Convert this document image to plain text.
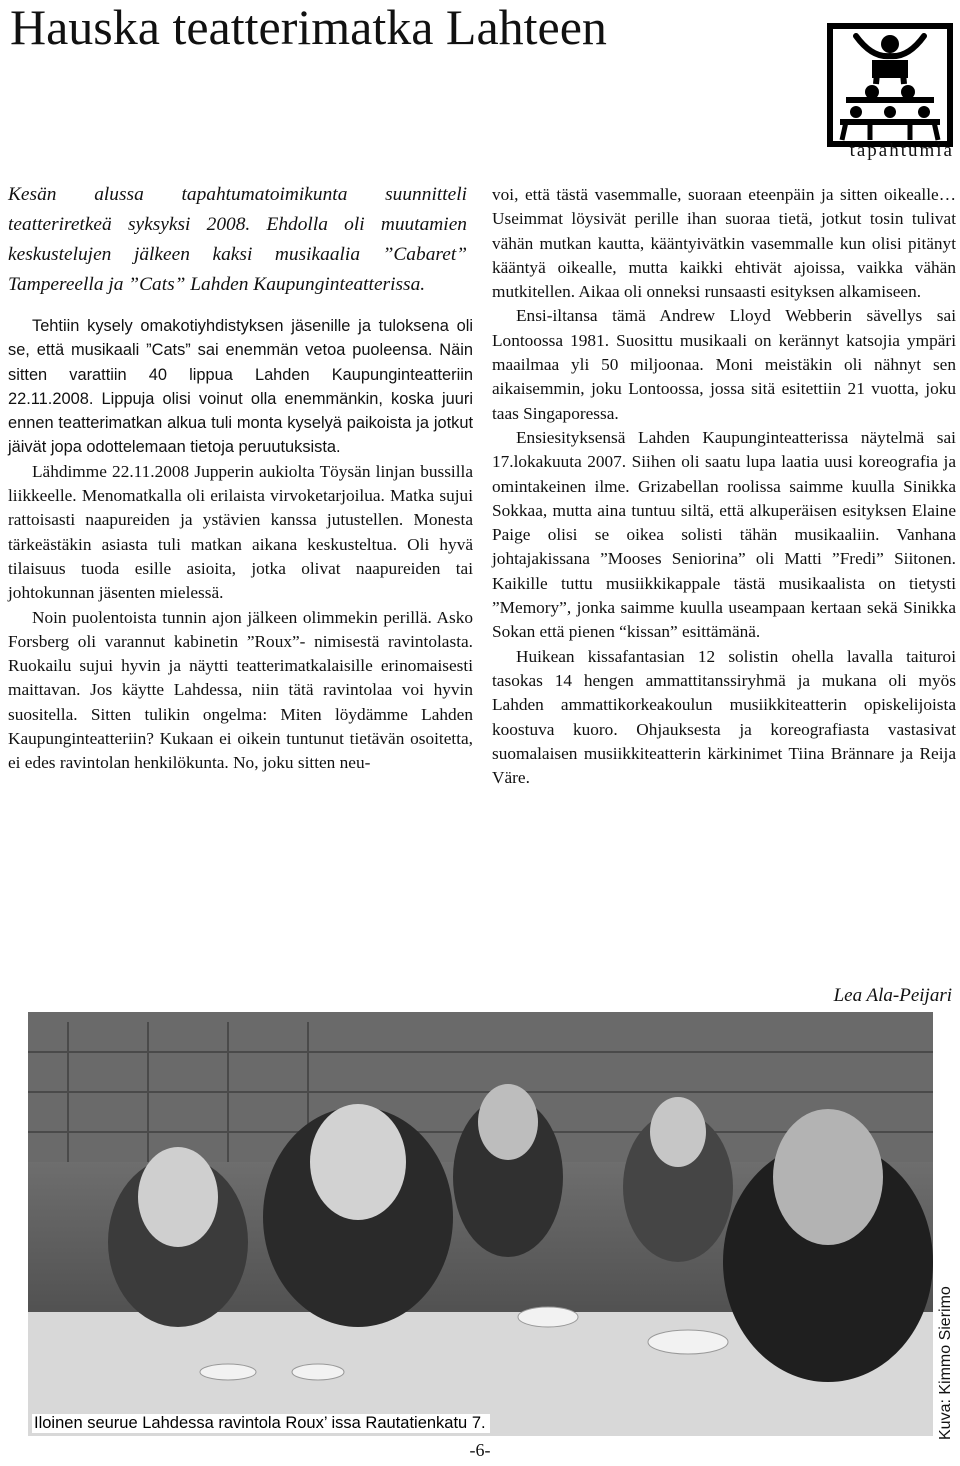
Hauska teatterimatka Lahteen
tapahtumia

Kesän alussa tapahtumatoimikunta suunnitteli teatteriretkeä syksyksi 2008. Ehdolla oli muutamien keskustelujen jälkeen kaksi musikaalia ”Cabaret” Tampereella ja ”Cats” Lahden Kaupunginteatterissa.

Tehtiin kysely omakotiyhdistyksen jäsenille ja tuloksena oli se, että musikaali ”Cats” sai enemmän vetoa puoleensa. Näin sitten varattiin 40 lippua Lahden Kaupunginteatteriin 22.11.2008. Lippuja olisi voinut olla enemmänkin, koska juuri ennen teatterimatkan alkua tuli monta kyselyä paikoista ja jotkut jäivät jopa odottelemaan tietoja peruutuksista.

Lähdimme 22.11.2008 Jupperin aukiolta Töysän linjan bussilla liikkeelle. Menomatkalla oli erilaista virvoketarjoilua. Matka sujui rattoisasti naapureiden ja ystävien kanssa jutustellen. Monesta tärkeästäkin asiasta tuli matkan aikana keskusteltua. Oli hyvä tilaisuus tuoda esille asioita, jotka olivat naapureiden tai johtokunnan jäsenten mielessä.

Noin puolentoista tunnin ajon jälkeen olimmekin perillä. Asko Forsberg oli varannut kabinetin ”Roux”- nimisestä ravintolasta. Ruokailu sujui hyvin ja näytti teatterimatkalaisille erinomaisesti maittavan. Jos käytte Lahdessa, niin tätä ravintolaa voi hyvin suositella. Sitten tulikin ongelma: Miten löydämme Lahden Kaupunginteatteriin? Kukaan ei oikein tuntunut tietävän osoitetta, ei edes ravintolan henkilökunta. No, joku sitten neu-

voi, että tästä vasemmalle, suoraan eteenpäin ja sitten oikealle… Useimmat löysivät perille ihan suoraa tietä, jotkut tosin tulivat vähän mutkan kautta, kääntyivätkin vasemmalle kun olisi pitänyt kääntyä oikealle, mutta kaikki ehtivät ajoissa, vaikka vähän mutkitellen. Aikaa oli onneksi runsaasti esityksen alkamiseen.

Ensi-iltansa tämä Andrew Lloyd Webberin sävellys sai Lontoossa 1981. Suosittu musikaali on kerännyt katsojia ympäri maailmaa yli 50 miljoonaa. Moni meistäkin oli nähnyt sen aikaisemmin, joku Lontoossa, jossa sitä esitettiin 21 vuotta, joku taas Singaporessa.

Ensiesityksensä Lahden Kaupunginteatterissa näytelmä sai 17.lokakuuta 2007. Siihen oli saatu lupa laatia uusi koreografia ja omintakeinen ilme. Grizabellan roolissa saimme kuulla Sinikka Sokkaa, mutta aina tuntuu siltä, että alkuperäisen esityksen Elaine Paige olisi se oikea solisti tähän musikaaliin. Vanhana johtajakissana ”Mooses Seniorina” oli Matti ”Fredi” Siitonen. Kaikille tuttu musiikkikappale tästä musikaalista on tietysti ”Memory”, jonka saimme kuulla useampaan kertaan sekä Sinikka Sokan että pienen “kissan” esittämänä.

Huikean kissafantasian 12 solistin ohella lavalla taituroi tasokas 14 hengen ammattitanssiryhmä ja mukana oli myös Lahden ammattikorkeakoulun musiikkiteatterin opiskelijoista koostuva kuoro. Ohjauksesta ja koreografiasta vastasivat suomalaisen musiikkiteatterin kärkinimet Tiina Brännare ja Reija Väre.

Lea Ala-Peijari
Iloinen seurue Lahdessa ravintola Roux’ issa Rautatienkatu 7.	Kuva: Kimmo Sierimo
-6-
